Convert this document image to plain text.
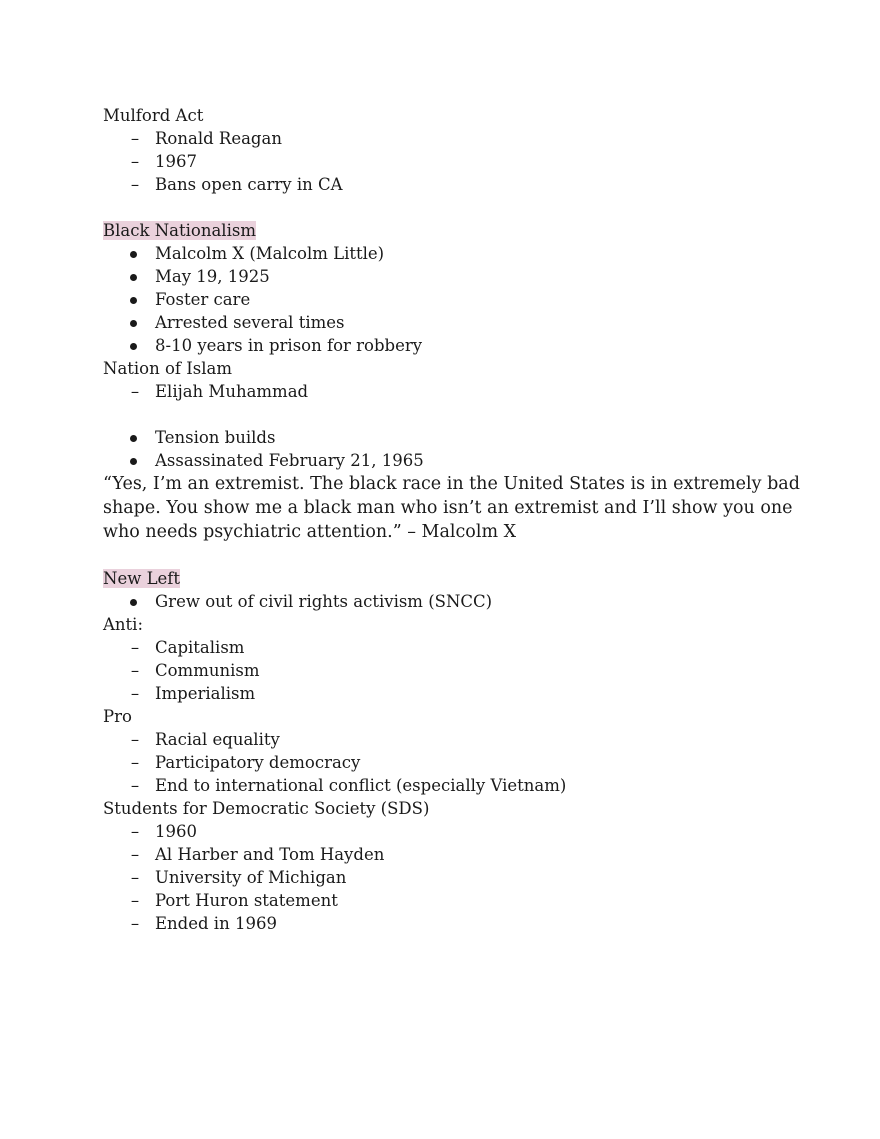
Mulford Act
– Ronald Reagan
– 1967
– Bans open carry in CA
Black Nationalism
Malcolm X (Malcolm Little)
May 19, 1925
Foster care
Arrested several times
8-10 years in prison for robbery
Nation of Islam
– Elijah Muhammad
Tension builds
Assassinated February 21, 1965
“Yes, I’m an extremist. The black race in the United States is in extremely bad shape. You show me a black man who isn’t an extremist and I’ll show you one who needs psychiatric attention.” – Malcolm X
New Left
Grew out of civil rights activism (SNCC)
Anti:
– Capitalism
– Communism
– Imperialism
Pro
– Racial equality
– Participatory democracy
– End to international conflict (especially Vietnam)
Students for Democratic Society (SDS)
– 1960
– Al Harber and Tom Hayden
– University of Michigan
– Port Huron statement
– Ended in 1969
